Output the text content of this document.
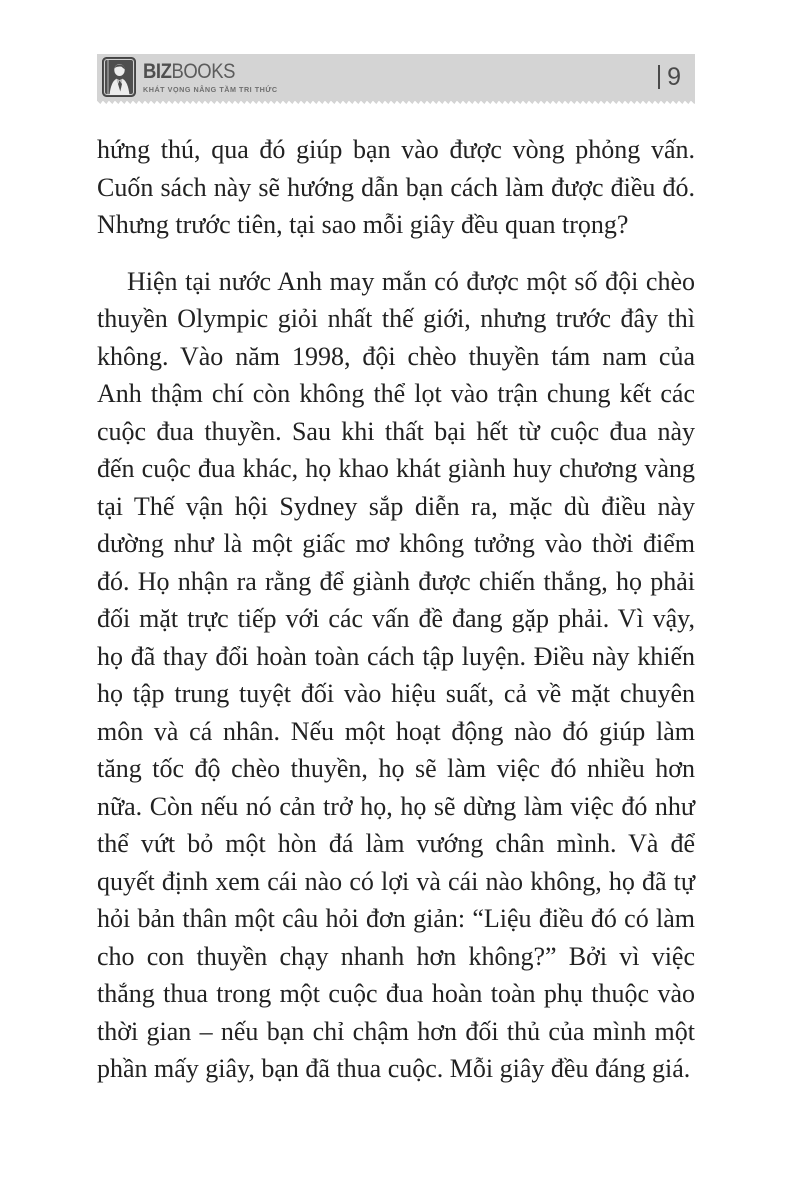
BIZBOOKS
KHÁT VỌNG NÂNG TẦM TRI THỨC	9

hứng thú, qua đó giúp bạn vào được vòng phỏng vấn. Cuốn sách này sẽ hướng dẫn bạn cách làm được điều đó. Nhưng trước tiên, tại sao mỗi giây đều quan trọng?

Hiện tại nước Anh may mắn có được một số đội chèo thuyền Olympic giỏi nhất thế giới, nhưng trước đây thì không. Vào năm 1998, đội chèo thuyền tám nam của Anh thậm chí còn không thể lọt vào trận chung kết các cuộc đua thuyền. Sau khi thất bại hết từ cuộc đua này đến cuộc đua khác, họ khao khát giành huy chương vàng tại Thế vận hội Sydney sắp diễn ra, mặc dù điều này dường như là một giấc mơ không tưởng vào thời điểm đó. Họ nhận ra rằng để giành được chiến thắng, họ phải đối mặt trực tiếp với các vấn đề đang gặp phải. Vì vậy, họ đã thay đổi hoàn toàn cách tập luyện. Điều này khiến họ tập trung tuyệt đối vào hiệu suất, cả về mặt chuyên môn và cá nhân. Nếu một hoạt động nào đó giúp làm tăng tốc độ chèo thuyền, họ sẽ làm việc đó nhiều hơn nữa. Còn nếu nó cản trở họ, họ sẽ dừng làm việc đó như thể vứt bỏ một hòn đá làm vướng chân mình. Và để quyết định xem cái nào có lợi và cái nào không, họ đã tự hỏi bản thân một câu hỏi đơn giản: “Liệu điều đó có làm cho con thuyền chạy nhanh hơn không?” Bởi vì việc thắng thua trong một cuộc đua hoàn toàn phụ thuộc vào thời gian – nếu bạn chỉ chậm hơn đối thủ của mình một phần mấy giây, bạn đã thua cuộc. Mỗi giây đều đáng giá.
